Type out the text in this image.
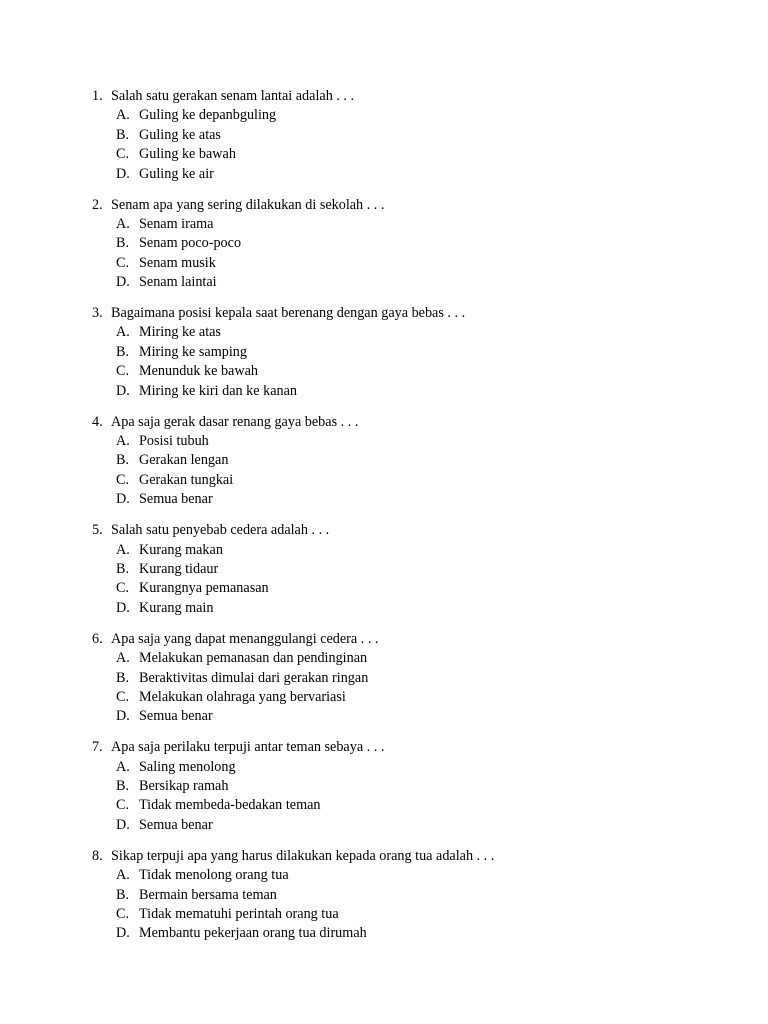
1. Salah satu gerakan senam lantai adalah . . .
A. Guling ke depanbguling
B. Guling ke atas
C. Guling ke bawah
D. Guling ke air
2. Senam apa yang sering dilakukan di sekolah . . .
A. Senam irama
B. Senam poco-poco
C. Senam musik
D. Senam laintai
3. Bagaimana posisi kepala saat berenang dengan gaya bebas . . .
A. Miring ke atas
B. Miring ke samping
C. Menunduk ke bawah
D. Miring ke kiri dan ke kanan
4. Apa saja gerak dasar renang gaya bebas . . .
A. Posisi tubuh
B. Gerakan lengan
C. Gerakan tungkai
D. Semua benar
5. Salah satu penyebab cedera adalah . . .
A. Kurang makan
B. Kurang tidaur
C. Kurangnya pemanasan
D. Kurang main
6. Apa saja yang dapat menanggulangi cedera . . .
A. Melakukan pemanasan dan pendinginan
B. Beraktivitas dimulai dari gerakan ringan
C. Melakukan olahraga yang bervariasi
D. Semua benar
7. Apa saja perilaku terpuji antar teman sebaya . . .
A. Saling menolong
B. Bersikap ramah
C. Tidak membeda-bedakan teman
D. Semua benar
8. Sikap terpuji apa yang harus dilakukan kepada orang tua adalah . . .
A. Tidak menolong orang tua
B. Bermain bersama teman
C. Tidak mematuhi perintah orang tua
D. Membantu pekerjaan orang tua dirumah
